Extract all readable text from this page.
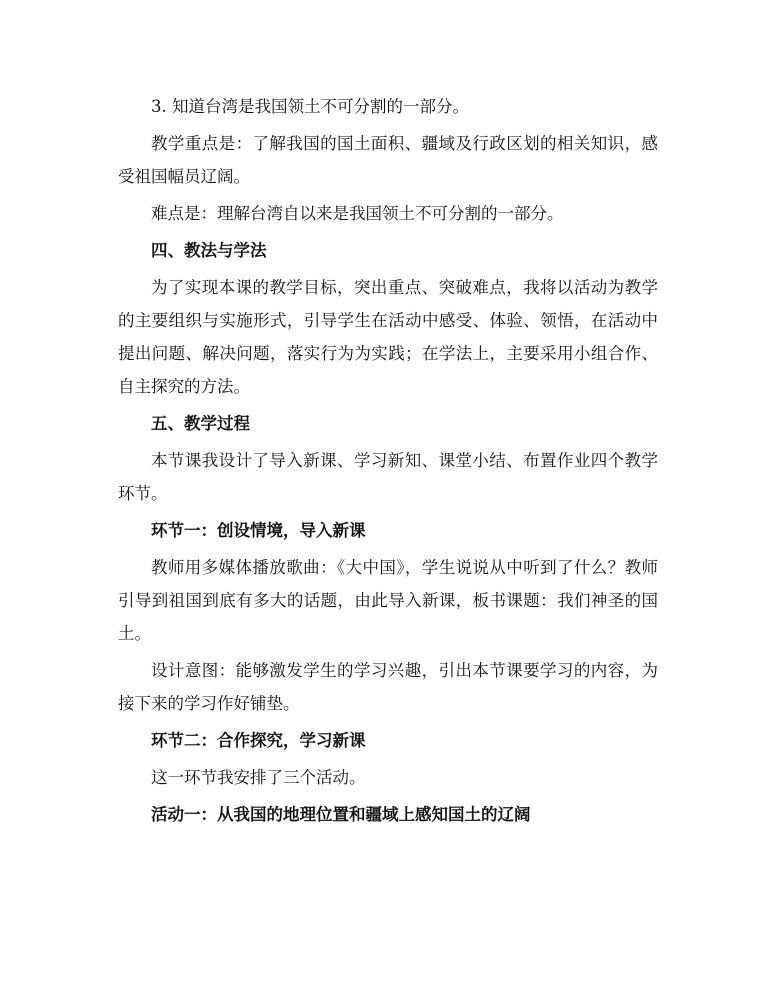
3. 知道台湾是我国领土不可分割的一部分。

教学重点是：了解我国的国土面积、疆域及行政区划的相关知识，感受祖国幅员辽阔。

难点是：理解台湾自以来是我国领土不可分割的一部分。

四、教法与学法

为了实现本课的教学目标，突出重点、突破难点，我将以活动为教学的主要组织与实施形式，引导学生在活动中感受、体验、领悟，在活动中提出问题、解决问题，落实行为为实践；在学法上，主要采用小组合作、自主探究的方法。

五、教学过程

本节课我设计了导入新课、学习新知、课堂小结、布置作业四个教学环节。

环节一：创设情境，导入新课

教师用多媒体播放歌曲：《大中国》，学生说说从中听到了什么？教师引导到祖国到底有多大的话题，由此导入新课，板书课题：我们神圣的国土。

设计意图：能够激发学生的学习兴趣，引出本节课要学习的内容，为接下来的学习作好铺垫。

环节二：合作探究，学习新课

这一环节我安排了三个活动。

活动一：从我国的地理位置和疆域上感知国土的辽阔
